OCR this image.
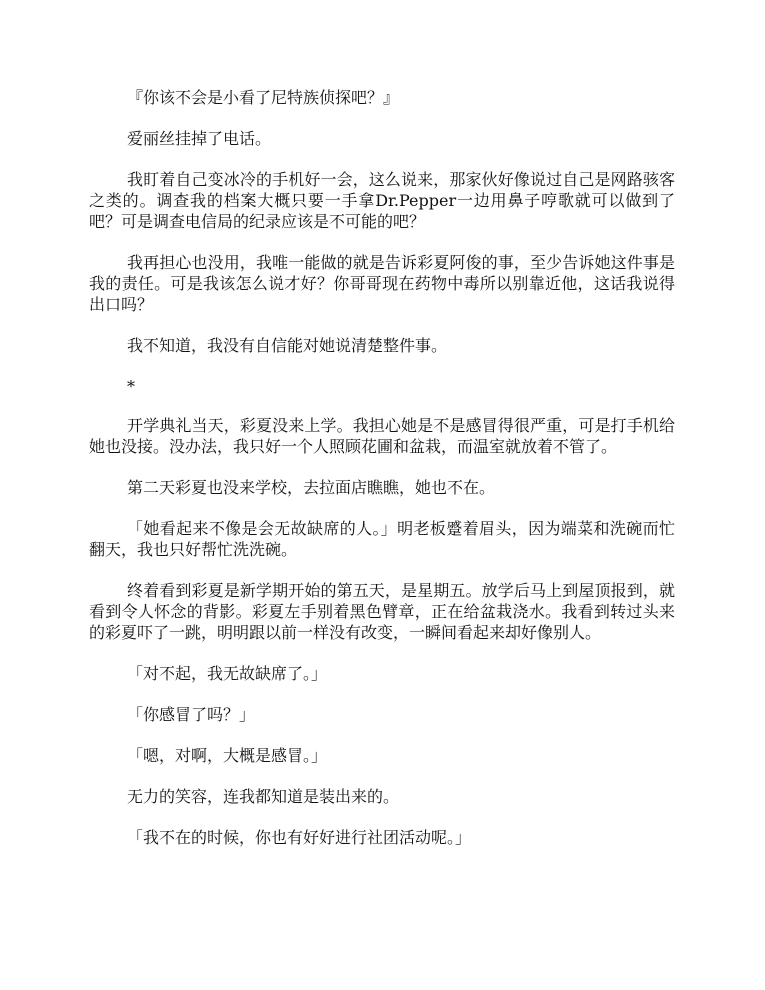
『你该不会是小看了尼特族侦探吧？』

爱丽丝挂掉了电话。

我盯着自己变冰冷的手机好一会，这么说来，那家伙好像说过自己是网路骇客之类的。调查我的档案大概只要一手拿Dr.Pepper一边用鼻子哼歌就可以做到了吧？可是调查电信局的纪录应该是不可能的吧？

我再担心也没用，我唯一能做的就是告诉彩夏阿俊的事，至少告诉她这件事是我的责任。可是我该怎么说才好？你哥哥现在药物中毒所以别靠近他，这话我说得出口吗？

我不知道，我没有自信能对她说清楚整件事。

*

开学典礼当天，彩夏没来上学。我担心她是不是感冒得很严重，可是打手机给她也没接。没办法，我只好一个人照顾花圃和盆栽，而温室就放着不管了。

第二天彩夏也没来学校，去拉面店瞧瞧，她也不在。

「她看起来不像是会无故缺席的人。」明老板蹙着眉头，因为端菜和洗碗而忙翻天，我也只好帮忙洗洗碗。

终着看到彩夏是新学期开始的第五天，是星期五。放学后马上到屋顶报到，就看到令人怀念的背影。彩夏左手别着黑色臂章，正在给盆栽浇水。我看到转过头来的彩夏吓了一跳，明明跟以前一样没有改变，一瞬间看起来却好像别人。

「对不起，我无故缺席了。」

「你感冒了吗？」

「嗯，对啊，大概是感冒。」

无力的笑容，连我都知道是装出来的。

「我不在的时候，你也有好好进行社团活动呢。」
